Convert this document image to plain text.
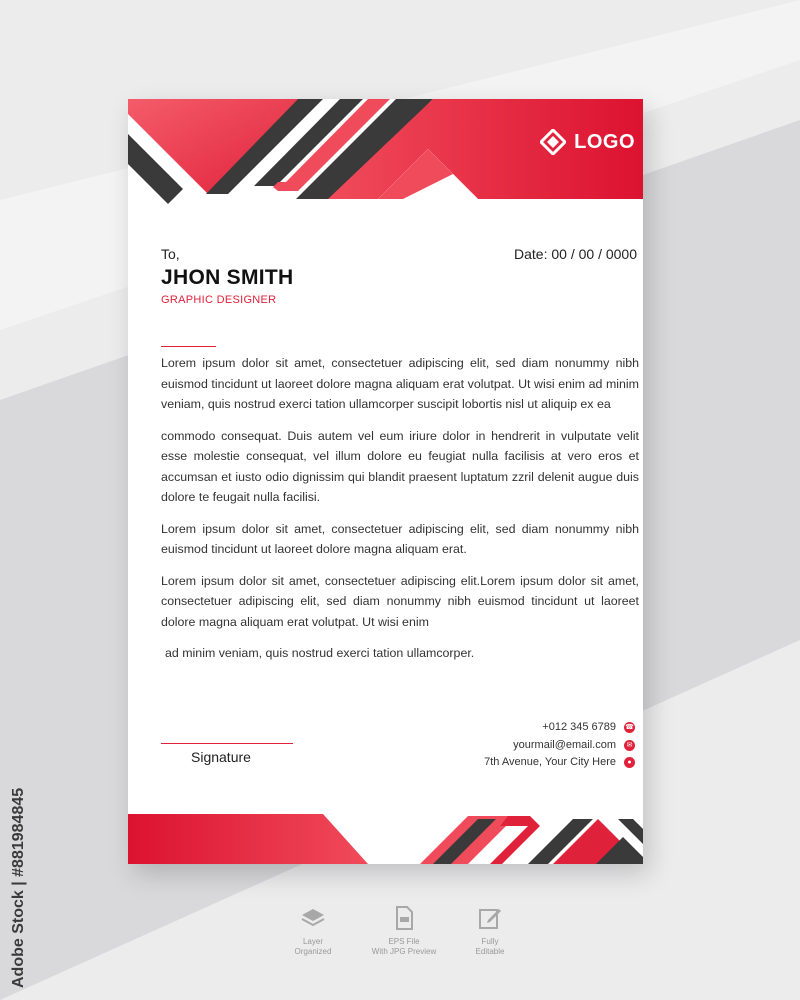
LOGO
To,	Date: 00 / 00 / 0000
JHON SMITH
GRAPHIC DESIGNER

Lorem ipsum dolor sit amet, consectetuer adipiscing elit, sed diam nonummy nibh euismod tincidunt ut laoreet dolore magna aliquam erat volutpat. Ut wisi enim ad minim veniam, quis nostrud exerci tation ullamcorper suscipit lobortis nisl ut aliquip ex ea

commodo consequat. Duis autem vel eum iriure dolor in hendrerit in vulputate velit esse molestie consequat, vel illum dolore eu feugiat nulla facilisis at vero eros et accumsan et iusto odio dignissim qui blandit praesent luptatum zzril delenit augue duis dolore te feugait nulla facilisi.

Lorem ipsum dolor sit amet, consectetuer adipiscing elit, sed diam nonummy nibh euismod tincidunt ut laoreet dolore magna aliquam erat.

Lorem ipsum dolor sit amet, consectetuer adipiscing elit.Lorem ipsum dolor sit amet, consectetuer adipiscing elit, sed diam nonummy nibh euismod tincidunt ut laoreet dolore magna aliquam erat volutpat. Ut wisi enim

ad minim veniam, quis nostrud exerci tation ullamcorper.

Signature
+012 345 6789 ☎
yourmail@email.com	✉
7th Avenue, Your City Here	●
Adobe Stock | #881984845	Layer
Organized
EPS File
With JPG Preview
Fully
Editable
